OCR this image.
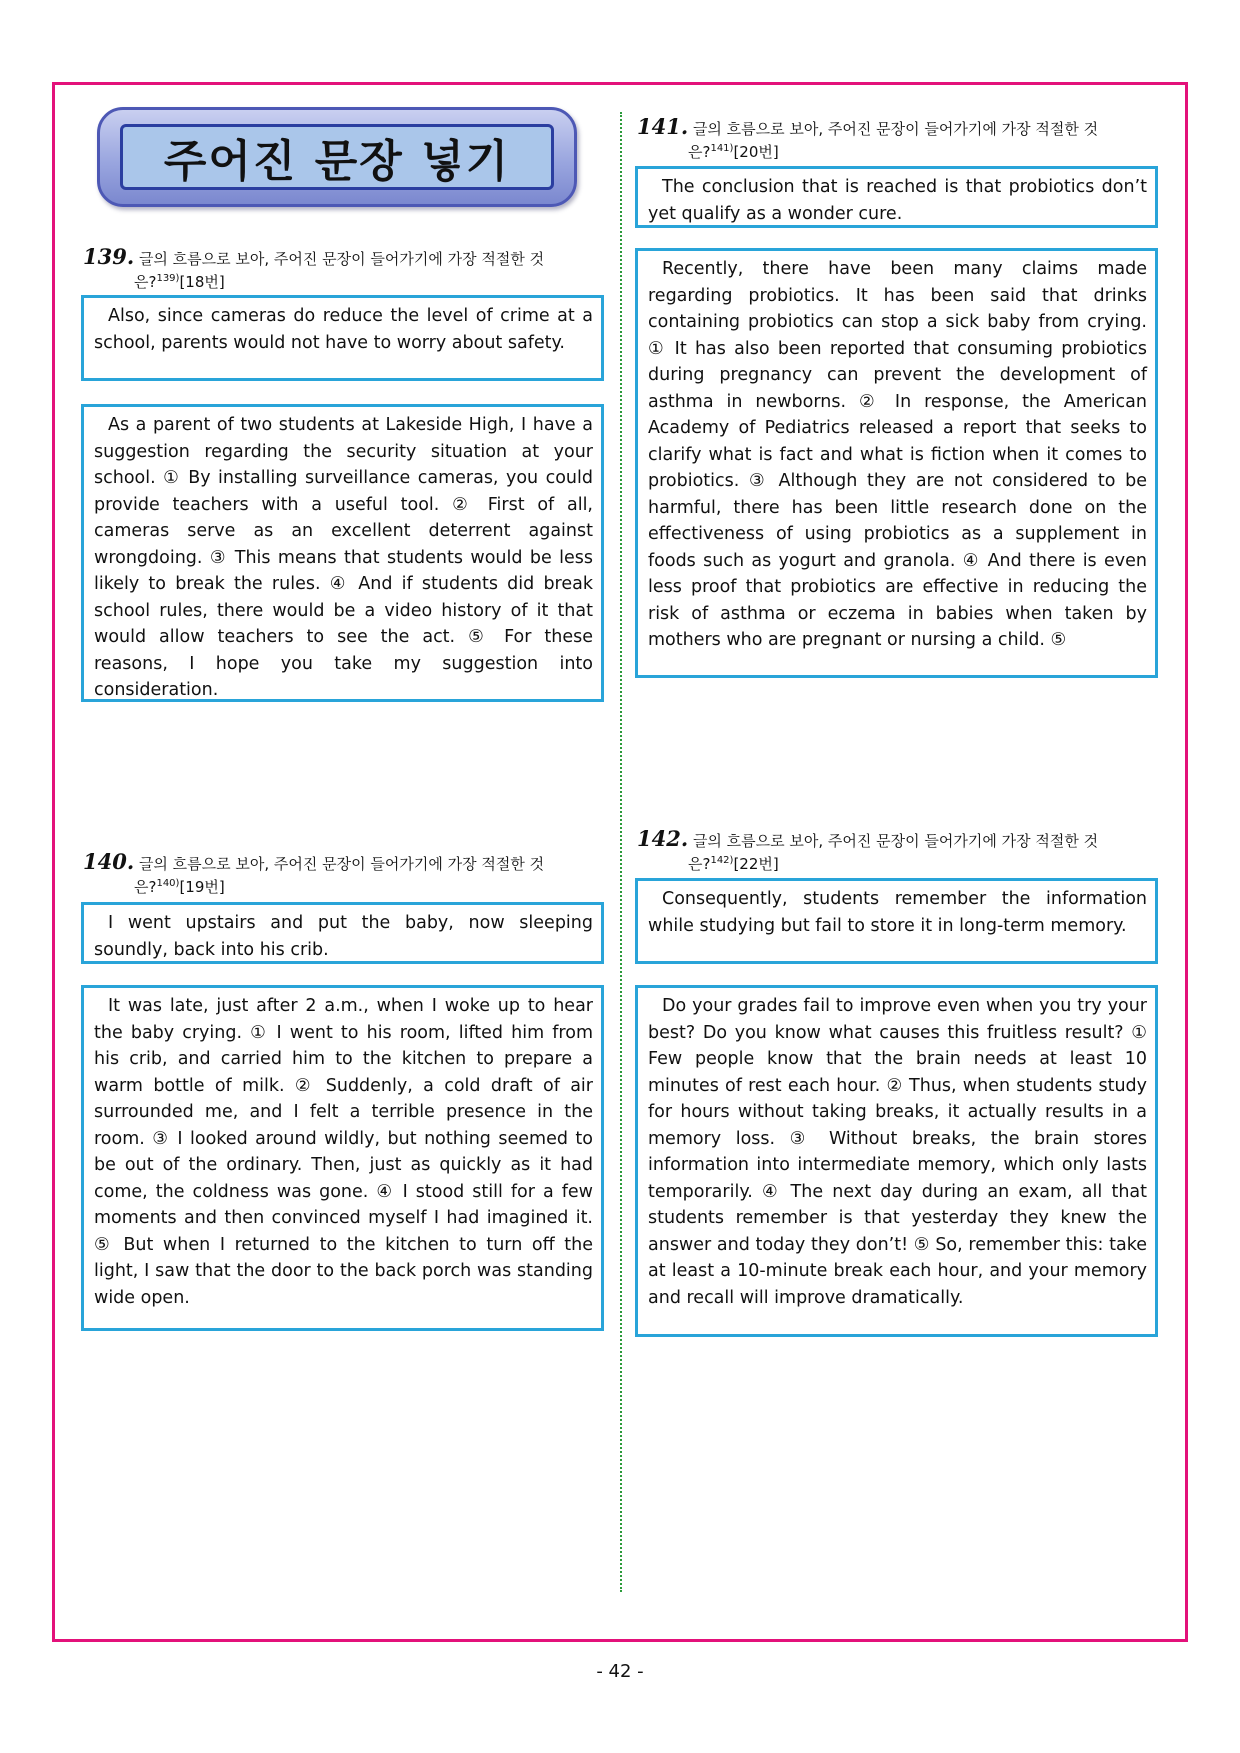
주어진 문장 넣기
139. 글의 흐름으로 보아, 주어진 문장이 들어가기에 가장 적절한 것
은?$^{139)}$[18번]

Also, since cameras do reduce the level of crime at a school, parents would not have to worry about safety.

As a parent of two students at Lakeside High, I have a suggestion regarding the security situation at your school. ① By installing surveillance cameras, you could provide teachers with a useful tool. ② First of all, cameras serve as an excellent deterrent against wrongdoing. ③ This means that students would be less likely to break the rules. ④ And if students did break school rules, there would be a video history of it that would allow teachers to see the act. ⑤ For these reasons, I hope you take my suggestion into consideration.

140. 글의 흐름으로 보아, 주어진 문장이 들어가기에 가장 적절한 것
은?$^{140)}$[19번]

I went upstairs and put the baby, now sleeping soundly, back into his crib.

It was late, just after 2 a.m., when I woke up to hear the baby crying. ① I went to his room, lifted him from his crib, and carried him to the kitchen to prepare a warm bottle of milk. ② Suddenly, a cold draft of air surrounded me, and I felt a terrible presence in the room. ③ I looked around wildly, but nothing seemed to be out of the ordinary. Then, just as quickly as it had come, the coldness was gone. ④ I stood still for a few moments and then convinced myself I had imagined it. ⑤ But when I returned to the kitchen to turn off the light, I saw that the door to the back porch was standing wide open.

141. 글의 흐름으로 보아, 주어진 문장이 들어가기에 가장 적절한 것
은?$^{141)}$[20번]

The conclusion that is reached is that probiotics don’t yet qualify as a wonder cure.

Recently, there have been many claims made regarding probiotics. It has been said that drinks containing probiotics can stop a sick baby from crying. ① It has also been reported that consuming probiotics during pregnancy can prevent the development of asthma in newborns. ② In response, the American Academy of Pediatrics released a report that seeks to clarify what is fact and what is fiction when it comes to probiotics. ③ Although they are not considered to be harmful, there has been little research done on the effectiveness of using probiotics as a supplement in foods such as yogurt and granola. ④ And there is even less proof that probiotics are effective in reducing the risk of asthma or eczema in babies when taken by mothers who are pregnant or nursing a child. ⑤

142. 글의 흐름으로 보아, 주어진 문장이 들어가기에 가장 적절한 것
은?$^{142)}$[22번]

Consequently, students remember the information while studying but fail to store it in long-term memory.

Do your grades fail to improve even when you try your best? Do you know what causes this fruitless result? ① Few people know that the brain needs at least 10 minutes of rest each hour. ② Thus, when students study for hours without taking breaks, it actually results in a memory loss. ③ Without breaks, the brain stores information into intermediate memory, which only lasts temporarily. ④ The next day during an exam, all that students remember is that yesterday they knew the answer and today they don’t! ⑤ So, remember this: take at least a 10-minute break each hour, and your memory and recall will improve dramatically.

- 42 -
